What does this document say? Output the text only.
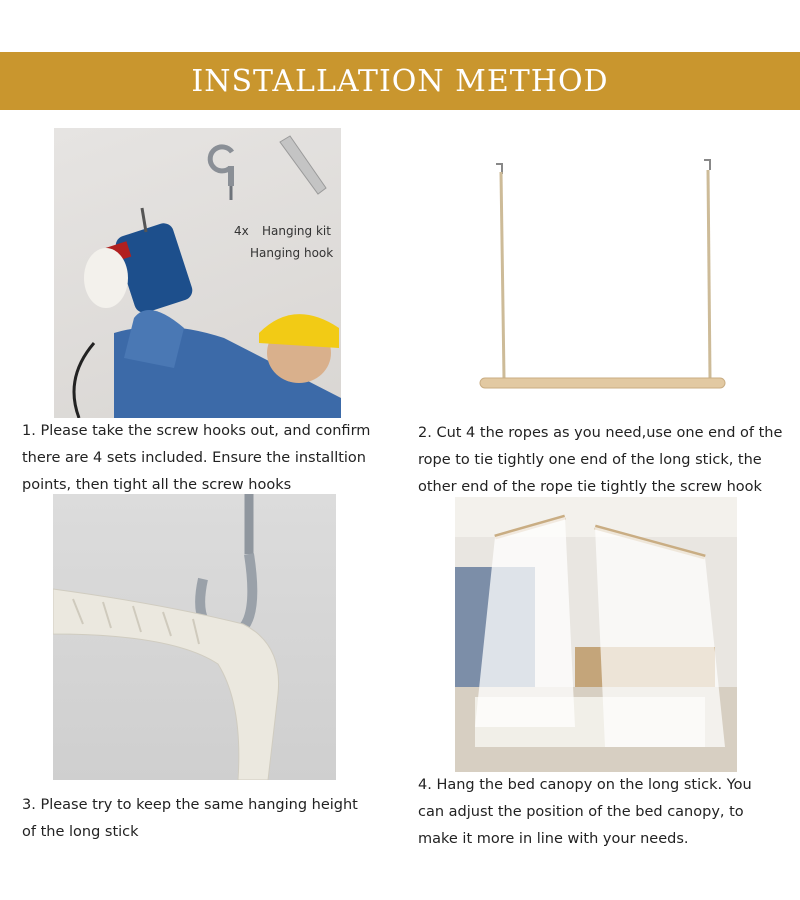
INSTALLATION METHOD
4x Hanging kit
Hanging hook
1. Please take the screw hooks out, and confirm
there are 4 sets included. Ensure the installtion
points, then tight all the screw hooks
2. Cut 4 the ropes as you need,use one end of the
rope to tie tightly one end of the long stick, the
other end of the rope tie tightly the screw hook
3. Please try to keep the same hanging height
of the long stick
4. Hang the bed canopy on the long stick. You
can adjust the position of the bed canopy, to
make it more in line with your needs.
